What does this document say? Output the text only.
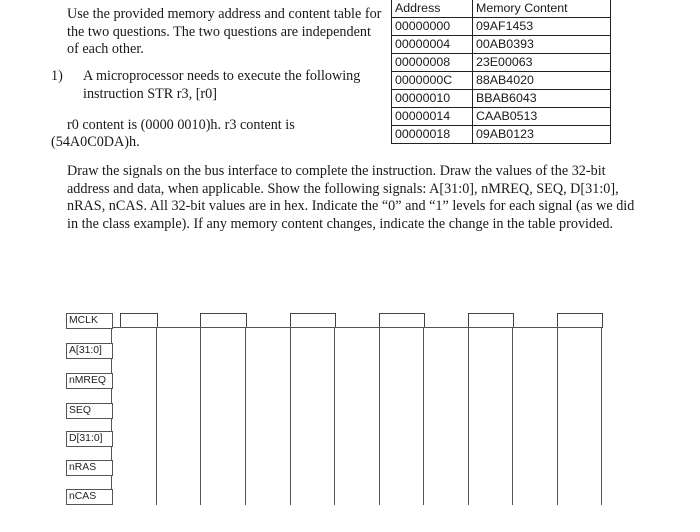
Use the provided memory address and content table for the two questions. The two questions are independent of each other.
1)	A microprocessor needs to execute the following instruction STR r3, [r0]
r0 content is (0000 0010)h. r3 content is
(54A0C0DA)h.
Draw the signals on the bus interface to complete the instruction. Draw the values of the 32-bit address and data, when applicable. Show the following signals: A[31:0], nMREQ, SEQ, D[31:0], nRAS, nCAS. All 32-bit values are in hex. Indicate the “0” and “1” levels for each signal (as we did in the class example). If any memory content changes, indicate the change in the table provided.
Address	Memory Content
00000000	09AF1453
00000004	00AB0393
00000008	23E00063
0000000C	88AB4020
00000010	BBAB6043
00000014	CAAB0513
00000018	09AB0123
MCLK
A[31:0]
nMREQ
SEQ
D[31:0]
nRAS
nCAS
